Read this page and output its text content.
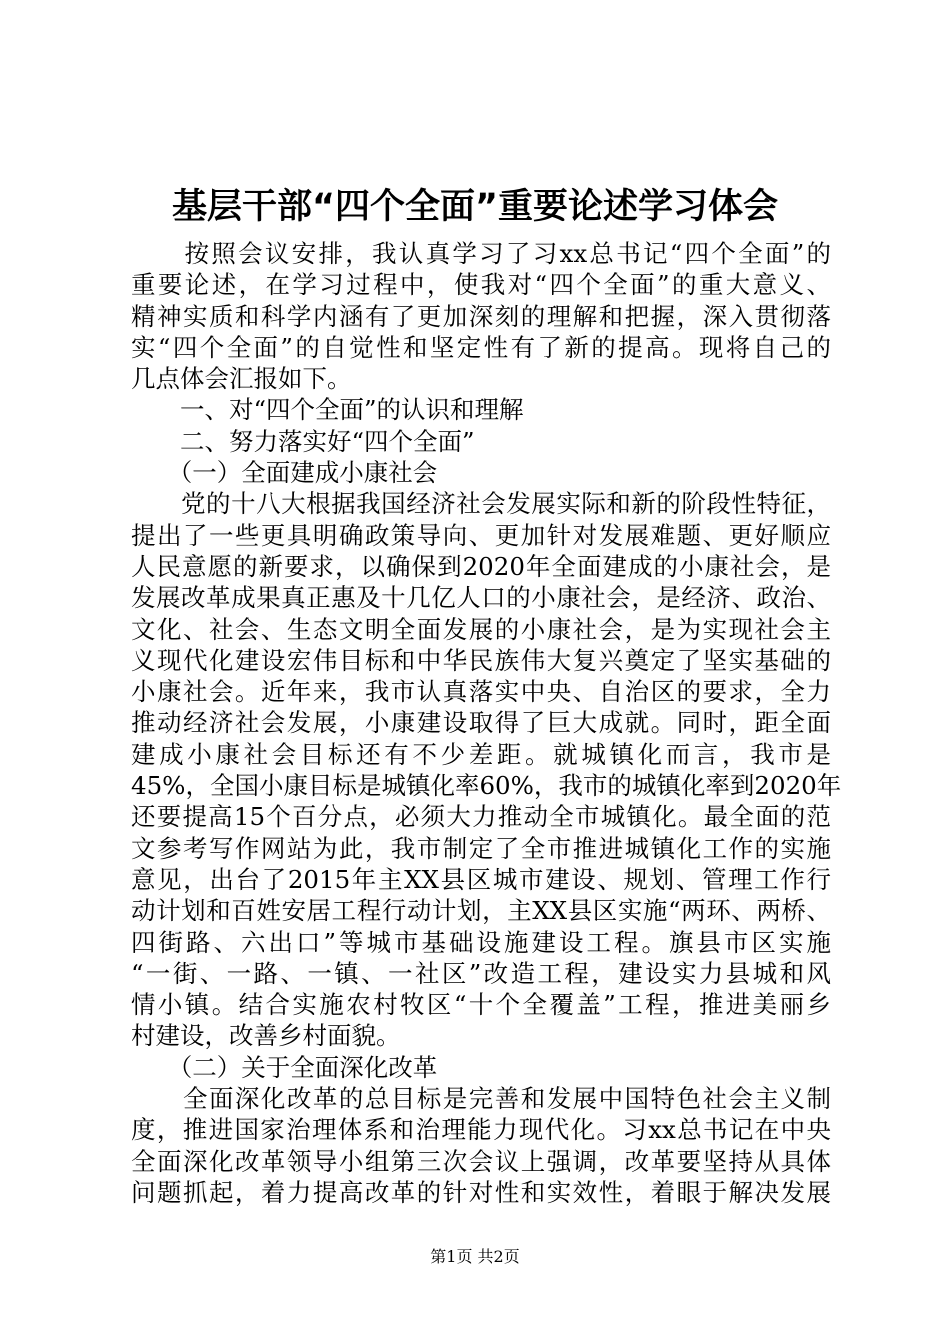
基层干部“四个全面”重要论述学习体会
　　按照会议安排，我认真学习了习xx总书记“四个全面”的
重要论述，在学习过程中，使我对“四个全面”的重大意义、
精神实质和科学内涵有了更加深刻的理解和把握，深入贯彻落
实“四个全面”的自觉性和坚定性有了新的提高。现将自己的
几点体会汇报如下。
　　一、对“四个全面”的认识和理解
　　二、努力落实好“四个全面”
　　（一）全面建成小康社会
　　党的十八大根据我国经济社会发展实际和新的阶段性特征，
提出了一些更具明确政策导向、更加针对发展难题、更好顺应
人民意愿的新要求，以确保到2020年全面建成的小康社会，是
发展改革成果真正惠及十几亿人口的小康社会，是经济、政治、
文化、社会、生态文明全面发展的小康社会，是为实现社会主
义现代化建设宏伟目标和中华民族伟大复兴奠定了坚实基础的
小康社会。近年来，我市认真落实中央、自治区的要求，全力
推动经济社会发展，小康建设取得了巨大成就。同时，距全面
建成小康社会目标还有不少差距。就城镇化而言，我市是
45%，全国小康目标是城镇化率60%，我市的城镇化率到2020年
还要提高15个百分点，必须大力推动全市城镇化。最全面的范
文参考写作网站为此，我市制定了全市推进城镇化工作的实施
意见，出台了2015年主XX县区城市建设、规划、管理工作行
动计划和百姓安居工程行动计划，主XX县区实施“两环、两桥、
四街路、六出口”等城市基础设施建设工程。旗县市区实施
“一街、一路、一镇、一社区”改造工程，建设实力县城和风
情小镇。结合实施农村牧区“十个全覆盖”工程，推进美丽乡
村建设，改善乡村面貌。
　　（二）关于全面深化改革
　　全面深化改革的总目标是完善和发展中国特色社会主义制
度，推进国家治理体系和治理能力现代化。习xx总书记在中央
全面深化改革领导小组第三次会议上强调，改革要坚持从具体
问题抓起，着力提高改革的针对性和实效性，着眼于解决发展
第1页 共2页
